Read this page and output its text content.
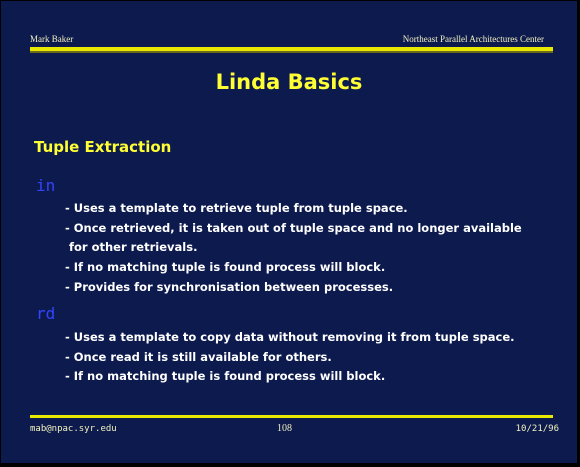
Mark Baker	Northeast Parallel Architectures Center
Linda Basics
Tuple Extraction
in
- Uses a template to retrieve tuple from tuple space.
- Once retrieved, it is taken out of tuple space and no longer available
for other retrievals.
- If no matching tuple is found process will block.
- Provides for synchronisation between processes.
rd
- Uses a template to copy data without removing it from tuple space.
- Once read it is still available for others.
- If no matching tuple is found process will block.
mab@npac.syr.edu	108	10/21/96
